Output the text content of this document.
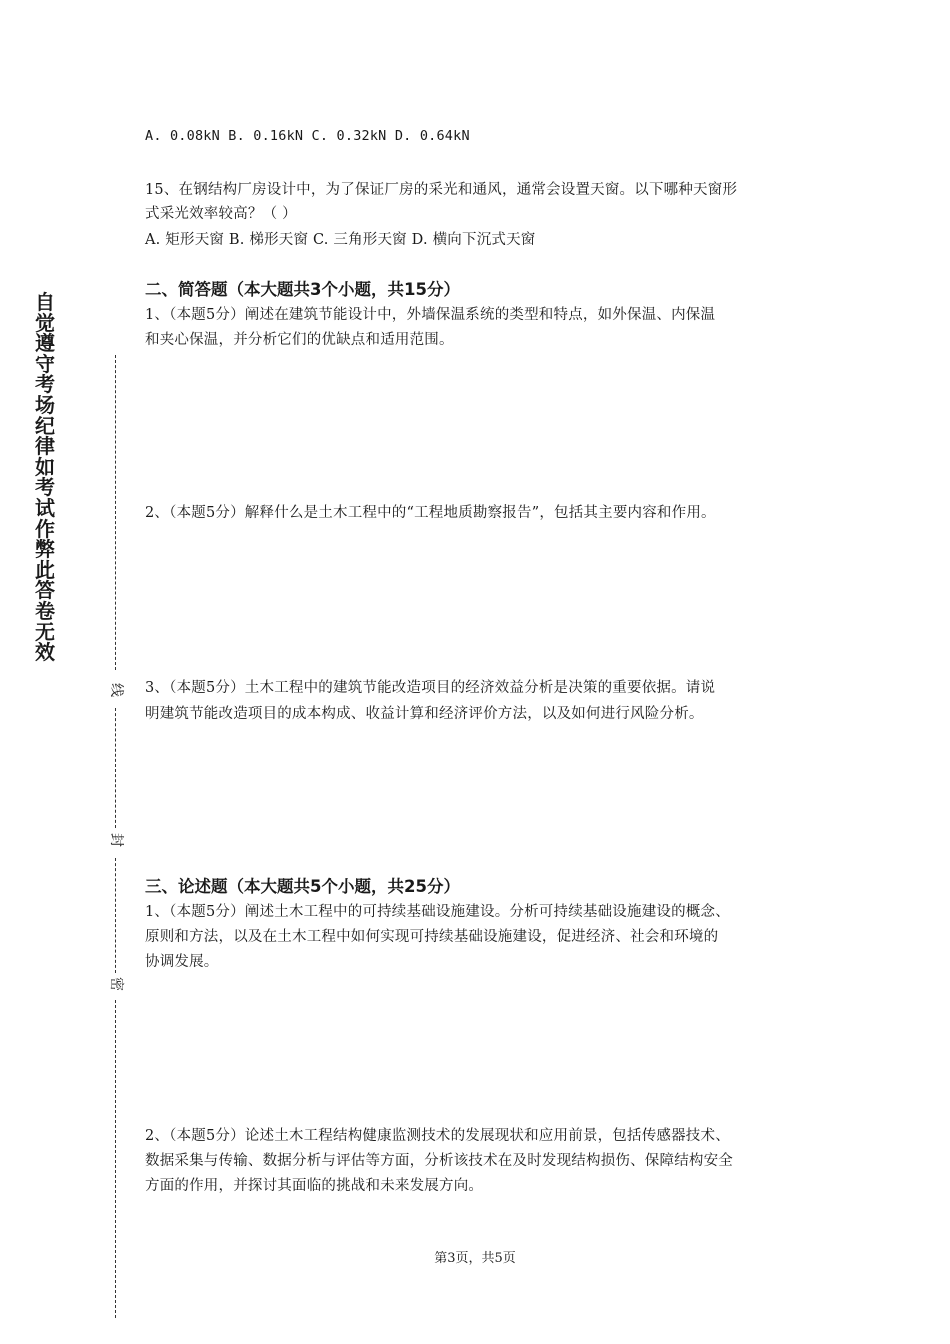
自
觉
遵
守
考
场
纪
律
如
考
试
作
弊
此
答
卷
无
效
线
封
密
A. 0.08kN B. 0.16kN C. 0.32kN D. 0.64kN
15、在钢结构厂房设计中，为了保证厂房的采光和通风，通常会设置天窗。以下哪种天窗形
式采光效率较高？（ ）
A. 矩形天窗 B. 梯形天窗 C. 三角形天窗 D. 横向下沉式天窗
二、简答题（本大题共3个小题，共15分）
1、（本题5分）阐述在建筑节能设计中，外墙保温系统的类型和特点，如外保温、内保温
和夹心保温，并分析它们的优缺点和适用范围。
2、（本题5分）解释什么是土木工程中的“工程地质勘察报告”，包括其主要内容和作用。
3、（本题5分）土木工程中的建筑节能改造项目的经济效益分析是决策的重要依据。请说
明建筑节能改造项目的成本构成、收益计算和经济评价方法，以及如何进行风险分析。
三、论述题（本大题共5个小题，共25分）
1、（本题5分）阐述土木工程中的可持续基础设施建设。分析可持续基础设施建设的概念、
原则和方法，以及在土木工程中如何实现可持续基础设施建设，促进经济、社会和环境的
协调发展。
2、（本题5分）论述土木工程结构健康监测技术的发展现状和应用前景，包括传感器技术、
数据采集与传输、数据分析与评估等方面，分析该技术在及时发现结构损伤、保障结构安全
方面的作用，并探讨其面临的挑战和未来发展方向。
第3页，共5页
